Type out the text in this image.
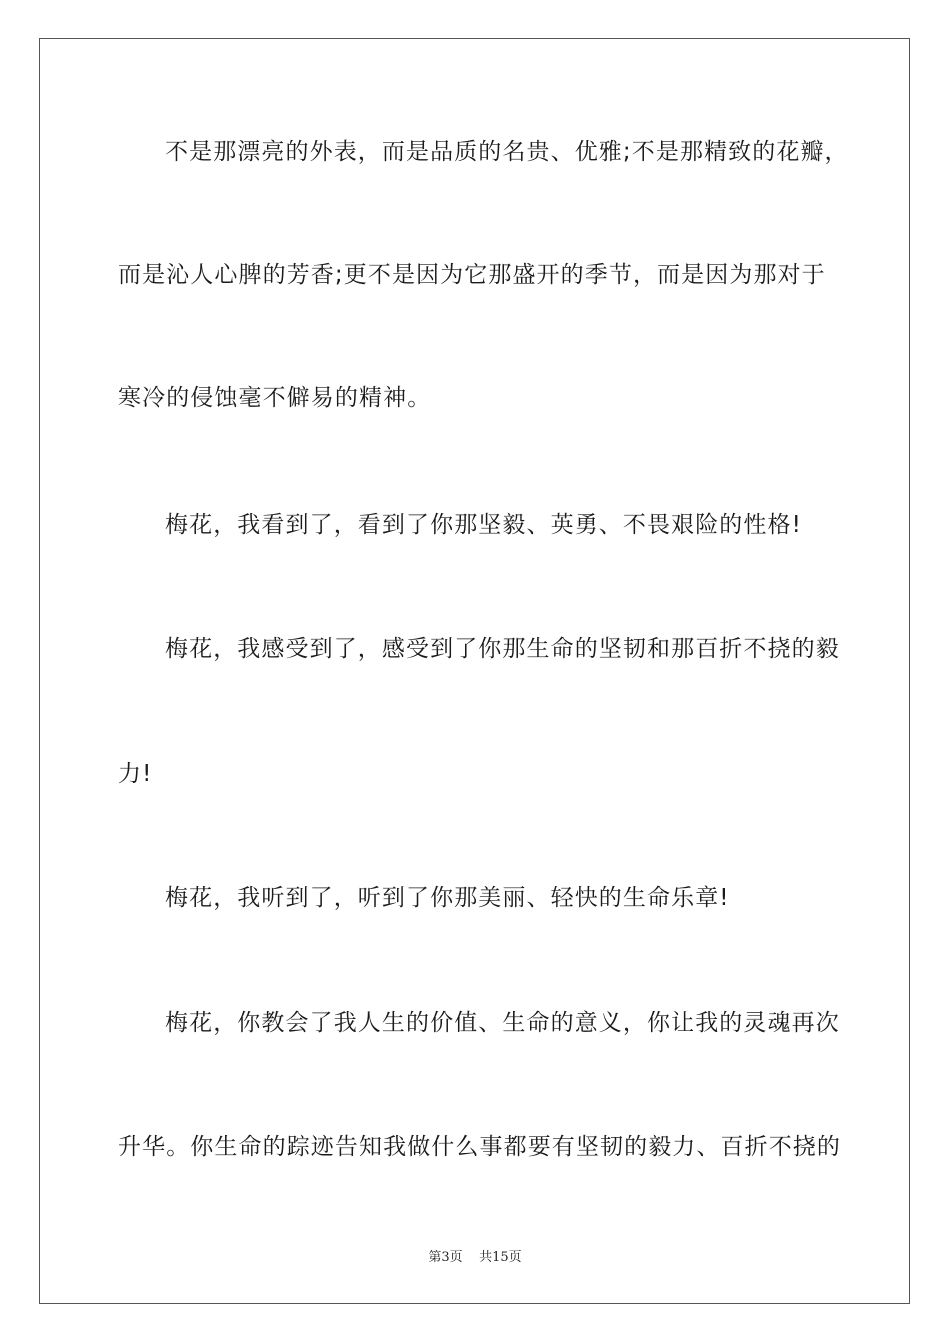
不是那漂亮的外表，而是品质的名贵、优雅;不是那精致的花瓣，
而是沁人心脾的芳香;更不是因为它那盛开的季节，而是因为那对于
寒冷的侵蚀毫不僻易的精神。
梅花，我看到了，看到了你那坚毅、英勇、不畏艰险的性格!
梅花，我感受到了，感受到了你那生命的坚韧和那百折不挠的毅
力!
梅花，我听到了，听到了你那美丽、轻快的生命乐章!
梅花，你教会了我人生的价值、生命的意义，你让我的灵魂再次
升华。你生命的踪迹告知我做什么事都要有坚韧的毅力、百折不挠的
第3页 共15页
